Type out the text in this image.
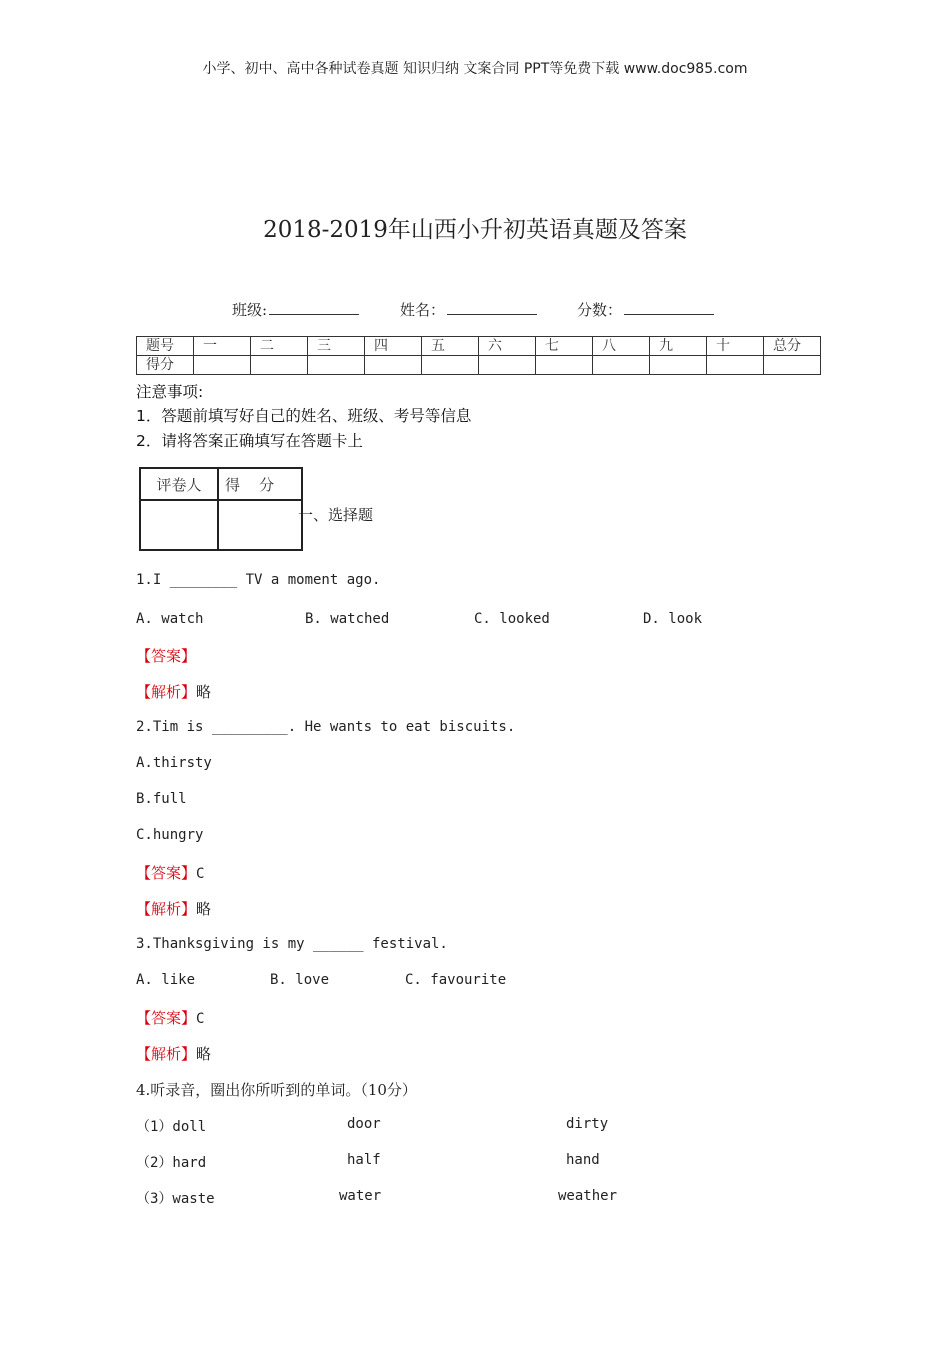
小学、初中、高中各种试卷真题 知识归纳 文案合同 PPT等免费下载 www.doc985.com
2018-2019年山西小升初英语真题及答案
班级:	姓名：	分数：
题号	一	二	三	四	五	六	七	八	九	十	总分
得分											
注意事项:
1．答题前填写好自己的姓名、班级、考号等信息
2．请将答案正确填写在答题卡上
评卷人	得    分

一、选择题
1.I ________ TV a moment ago.
A. watch	B. watched	C. looked	D. look
【答案】
【解析】略
2.Tim is _________. He wants to eat biscuits.
A.thirsty
B.full
C.hungry
【答案】C
【解析】略
3.Thanksgiving is my ______ festival.
A. like	B. love	C. favourite
【答案】C
【解析】略
4.听录音，圈出你所听到的单词。（10分）
（1）doll	door	dirty
（2）hard	half	hand
（3）waste	water	weather
